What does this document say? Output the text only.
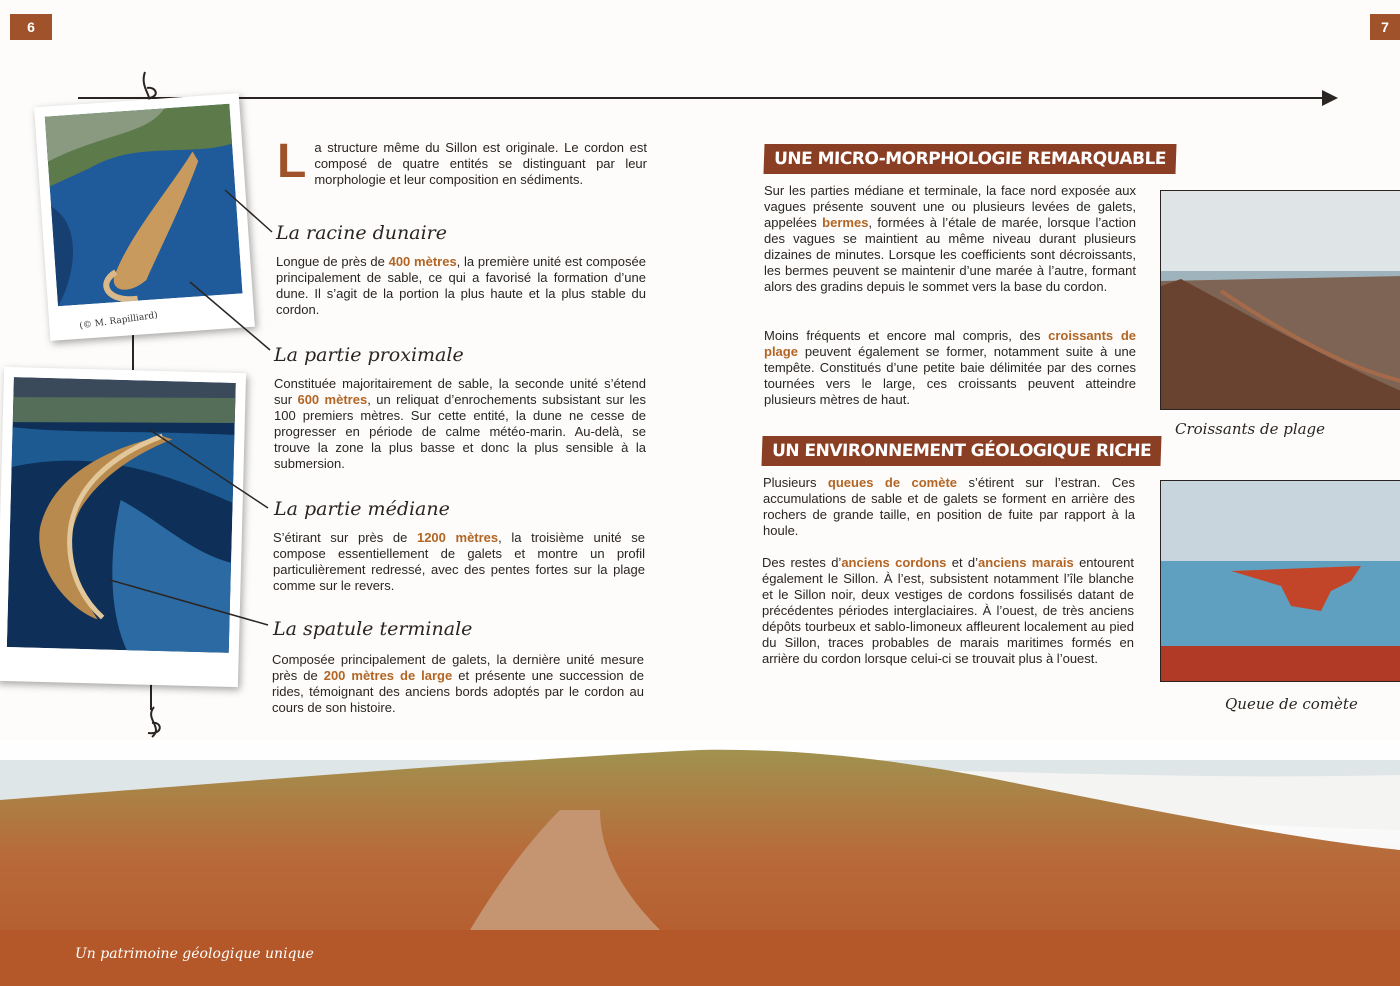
6	7
(© M. Rapilliard)
La structure même du Sillon est originale. Le cordon est composé de quatre entités se distinguant par leur morphologie et leur composition en sédiments.
La racine dunaire
Longue de près de 400 mètres, la première unité est composée principalement de sable, ce qui a favorisé la formation d’une dune. Il s’agit de la portion la plus haute et la plus stable du cordon.
La partie proximale
Constituée majoritairement de sable, la seconde unité s’étend sur 600 mètres, un reliquat d’enrochements subsistant sur les 100 premiers mètres. Sur cette entité, la dune ne cesse de progresser en période de calme météo-marin. Au-delà, se trouve la zone la plus basse et donc la plus sensible à la submersion.
La partie médiane
S’étirant sur près de 1200 mètres, la troisième unité se compose essentiellement de galets et montre un profil particulièrement redressé, avec des pentes fortes sur la plage comme sur le revers.
La spatule terminale
Composée principalement de galets, la dernière unité mesure près de 200 mètres de large et présente une succession de rides, témoignant des anciens bords adoptés par le cordon au cours de son histoire.
UNE MICRO-MORPHOLOGIE REMARQUABLE
Sur les parties médiane et terminale, la face nord exposée aux vagues présente souvent une ou plusieurs levées de galets, appelées bermes, formées à l’étale de marée, lorsque l’action des vagues se maintient au même niveau durant plusieurs dizaines de minutes. Lorsque les coefficients sont décroissants, les bermes peuvent se maintenir d’une marée à l’autre, formant alors des gradins depuis le sommet vers la base du cordon.
Moins fréquents et encore mal compris, des croissants de plage peuvent également se former, notamment suite à une tempête. Constitués d’une petite baie délimitée par des cornes tournées vers le large, ces croissants peuvent atteindre plusieurs mètres de haut.
UN ENVIRONNEMENT GÉOLOGIQUE RICHE
Plusieurs queues de comète s’étirent sur l’estran. Ces accumulations de sable et de galets se forment en arrière des rochers de grande taille, en position de fuite par rapport à la houle.
Des restes d’anciens cordons et d’anciens marais entourent également le Sillon. À l’est, subsistent notamment l’île blanche et le Sillon noir, deux vestiges de cordons fossilisés datant de précédentes périodes interglaciaires. À l’ouest, de très anciens dépôts tourbeux et sablo-limoneux affleurent localement au pied du Sillon, traces probables de marais maritimes formés en arrière du cordon lorsque celui-ci se trouvait plus à l’ouest.
Croissants de plage
Queue de comète
Un patrimoine géologique unique
